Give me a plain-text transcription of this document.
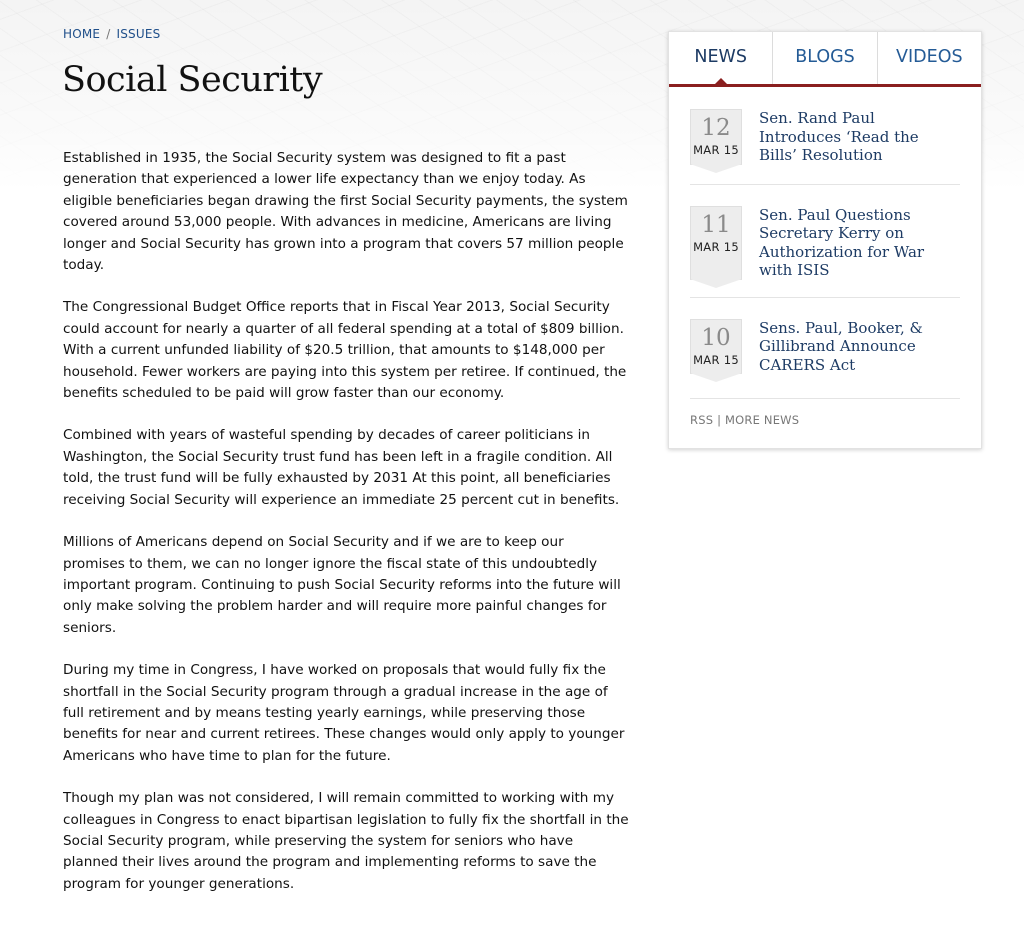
HOME / ISSUES
Social Security

Established in 1935, the Social Security system was designed to fit a past generation that experienced a lower life expectancy than we enjoy today. As eligible beneficiaries began drawing the first Social Security payments, the system covered around 53,000 people. With advances in medicine, Americans are living longer and Social Security has grown into a program that covers 57 million people today.

The Congressional Budget Office reports that in Fiscal Year 2013, Social Security could account for nearly a quarter of all federal spending at a total of $809 billion. With a current unfunded liability of $20.5 trillion, that amounts to $148,000 per household. Fewer workers are paying into this system per retiree. If continued, the benefits scheduled to be paid will grow faster than our economy.

Combined with years of wasteful spending by decades of career politicians in Washington, the Social Security trust fund has been left in a fragile condition. All told, the trust fund will be fully exhausted by 2031 At this point, all beneficiaries receiving Social Security will experience an immediate 25 percent cut in benefits.

Millions of Americans depend on Social Security and if we are to keep our promises to them, we can no longer ignore the fiscal state of this undoubtedly important program. Continuing to push Social Security reforms into the future will only make solving the problem harder and will require more painful changes for seniors.

During my time in Congress, I have worked on proposals that would fully fix the shortfall in the Social Security program through a gradual increase in the age of full retirement and by means testing yearly earnings, while preserving those benefits for near and current retirees. These changes would only apply to younger Americans who have time to plan for the future.

Though my plan was not considered, I will remain committed to working with my colleagues in Congress to enact bipartisan legislation to fully fix the shortfall in the Social Security program, while preserving the system for seniors who have planned their lives around the program and implementing reforms to save the program for younger generations.

NEWS	BLOGS	VIDEOS
12
MAR 15
Sen. Rand Paul Introduces ‘Read the Bills’ Resolution
11
MAR 15
Sen. Paul Questions Secretary Kerry on Authorization for War with ISIS
10
MAR 15
Sens. Paul, Booker, & Gillibrand Announce CARERS Act
RSS | MORE NEWS
